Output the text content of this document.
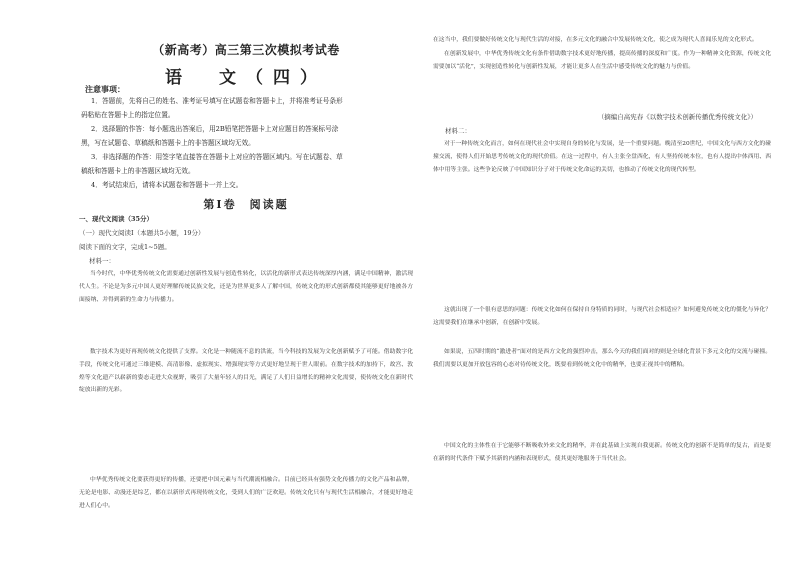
（新高考）高三第三次模拟考试卷
语　文（四）
注意事项：
1．答题前，先将自己的姓名、准考证号填写在试题卷和答题卡上，并将准考证号条形
码粘贴在答题卡上的指定位置。
2．选择题的作答：每小题选出答案后，用2B铅笔把答题卡上对应题目的答案标号涂
黑，写在试题卷、草稿纸和答题卡上的非答题区域均无效。
3．非选择题的作答：用签字笔直接答在答题卡上对应的答题区域内。写在试题卷、草
稿纸和答题卡上的非答题区域均无效。
4．考试结束后，请将本试题卷和答题卡一并上交。
第Ⅰ卷　阅读题
一、现代文阅读（35分）
（一）现代文阅读Ⅰ（本题共5小题，19分）
阅读下面的文字，完成1~5题。
材料一：
当今时代，中华优秀传统文化需要通过创新性发展与创造性转化，以活化的新形式表达传统深厚内涵，满足中国精神，激活现代人生。不论是为多元中国人更好理解传统民族文化，还是为世界更多人了解中国，传统文化的形式创新都使其能够更好地被各方面接纳、并得到新的生命力与传播力。
数字技术为更好再现传统文化提供了支撑。文化是一种随流不息的洪流，当今科技的发展为文化创新赋予了可能。借助数字化手段，传统文化可通过三维建模、高清影像、虚拟现实、增强现实等方式更好地呈现于世人眼前。在数字技术的加持下，故宫、敦煌等文化遗产以崭新的姿态走进大众视野，吸引了大量年轻人的目光，满足了人们日益增长的精神文化需要，使传统文化在新时代绽放出新的光彩。
中华优秀传统文化要获得更好的传播，还要把中国元素与当代潮流相融合。目前已经具有强势文化传播力的文化产品和品牌，无论是电影、动漫还是综艺，都在以新形式再现传统文化，受到人们的广泛欢迎。传统文化只有与现代生活相融合，才能更好地走进人们心中。
在这当中，我们要做好传统文化与现代生活的对接，在多元文化的融合中发展传统文化，使之成为现代人喜闻乐见的文化形式。
在创新发展中，中华优秀传统文化有条件借助数字技术更好地传播，提高传播的深度和广度。作为一种精神文化资源，传统文化需要加以“活化”，实现创造性转化与创新性发展，才能让更多人在生活中感受传统文化的魅力与价值。
（摘编自高宪春《以数字技术创新传播优秀传统文化》）
材料二：
对于一种传统文化而言，如何在现代社会中实现自身的转化与发展，是一个重要问题。晚清至20世纪，中国文化与西方文化的碰撞交流，使得人们开始思考传统文化的现代价值。在这一过程中，有人主张全盘西化，有人坚持传统本位，也有人提出中体西用、西体中用等主张。这些争论反映了中国知识分子对于传统文化命运的关切，也推动了传统文化的现代转型。
这就出现了一个很有意思的问题：传统文化如何在保持自身特质的同时，与现代社会相适应？如何避免传统文化的僵化与异化？这需要我们在继承中创新，在创新中发展。
如果说，五四时期的“激进者”面对的是西方文化的强烈冲击，那么今天的我们面对的则是全球化背景下多元文化的交流与碰撞。我们需要以更加开放包容的心态对待传统文化，既要看到传统文化中的精华，也要正视其中的糟粕。
中国文化的主体性在于它能够不断吸收外来文化的精华，并在此基础上实现自我更新。传统文化的创新不是简单的复古，而是要在新的时代条件下赋予其新的内涵和表现形式，使其更好地服务于当代社会。
